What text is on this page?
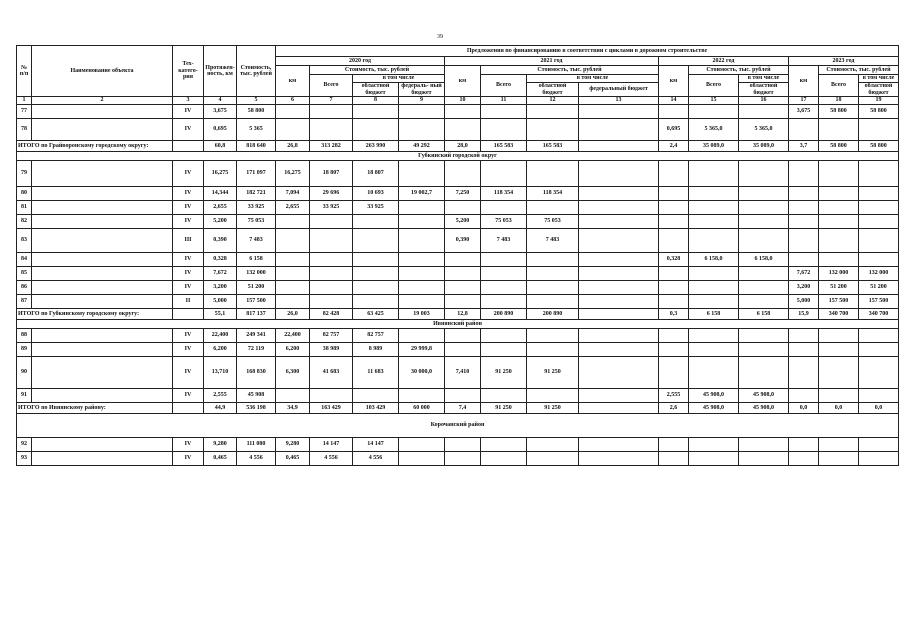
39
№ п/п	Наименование объекта	Тех- катего- рия	Протяжен- ность, км	Стоимость, тыс. рублей	Предложения по финансированию в соответствии с циклами в дорожном строительстве													
					2020 год				2021 год				2022 год			2023 год		
					км	Стоимость, тыс. рублей			км	Стоимость, тыс. рублей			км	Стоимость, тыс. рублей		км	Стоимость, тыс. рублей	
						Всего	в том числе			Всего	в том числе			Всего	в том числе		Всего	в том числе
							областной бюджет	федераль- ный бюджет			областной бюджет	федеральный бюджет			областной бюджет			областной бюджет
1	2	3	4	5	6	7	8	9	10	11	12	13	14	15	16	17	18	19
77		IV	3,675	58 800												3,675	58 800	58 800
78		IV	0,695	5 365									0,695	5 365,0	5 365,0			
ИТОГО по Грайворонскому городскому округу:			60,8	818 640	26,8	313 282	263 990	49 292	28,0	165 583	165 583		2,4	35 089,0	35 089,0	3,7	58 800	58 800
Губкинский городской округ																		
79		IV	16,275	171 097	16,275	18 807	18 807											
80		IV	14,344	182 721	7,094	29 696	10 693	19 002,7	7,250	118 354	118 354							
81		IV	2,655	33 925	2,655	33 925	33 925											
82		IV	5,200	75 053					5,200	75 053	75 053							
83		III	0,390	7 483					0,390	7 483	7 483							
84		IV	0,328	6 158									0,328	6 158,0	6 158,0			
85		IV	7,672	132 000												7,672	132 000	132 000
86		IV	3,200	51 200												3,200	51 200	51 200
87		II	5,000	157 500												5,000	157 500	157 500
ИТОГО по Губкинскому городскому округу:			55,1	817 137	26,0	82 428	63 425	19 003	12,8	200 890	200 890		0,3	6 158	6 158	15,9	340 700	340 700
Ивнянский район																		
88		IV	22,400	249 341	22,400	82 757	82 757											
89		IV	6,200	72 119	6,200	38 989	8 989	29 999,8										
90		IV	13,710	168 830	6,300	41 683	11 683	30 000,0	7,410	91 250	91 250							
91		IV	2,555	45 908									2,555	45 908,0	45 908,0			
ИТОГО по Ивнянскому району:			44,9	536 198	34,9	163 429	103 429	60 000	7,4	91 250	91 250		2,6	45 908,0	45 908,0	0,0	0,0	0,0
Корочанский район																		
92		IV	9,280	111 080	9,280	14 147	14 147											
93		IV	0,465	4 556	0,465	4 556	4 556											
